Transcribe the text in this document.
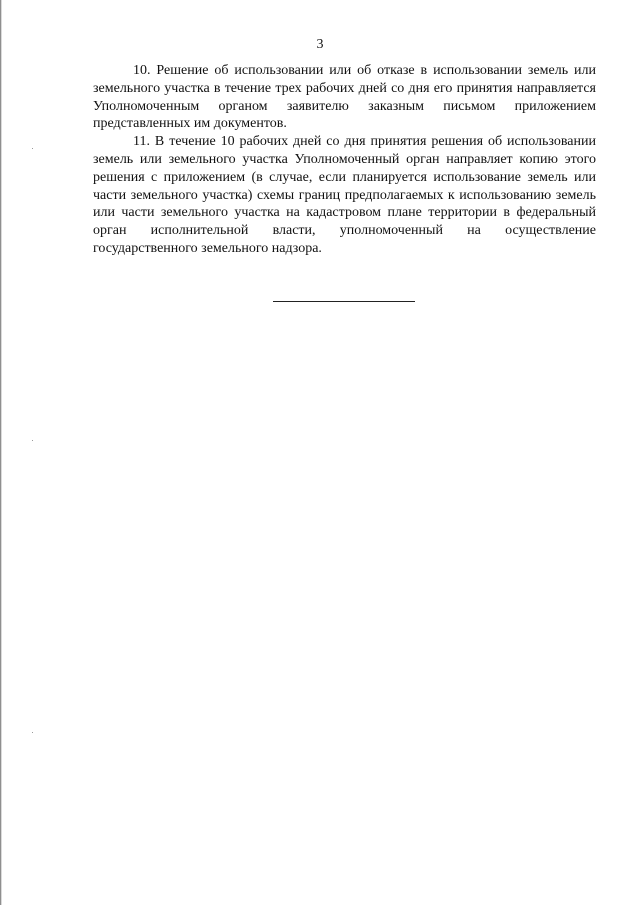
3

10. Решение об использовании или об отказе в использовании земель или земельного участка в течение трех рабочих дней со дня его принятия направляется Уполномоченным органом заявителю заказным письмом приложением представленных им документов.

11. В течение 10 рабочих дней со дня принятия решения об использовании земель или земельного участка Уполномоченный орган направляет копию этого решения с приложением (в случае, если планируется использование земель или части земельного участка) схемы границ предполагаемых к использованию земель или части земельного участка на кадастровом плане территории в федеральный орган исполнительной власти, уполномоченный на осуществление государственного земельного надзора.
